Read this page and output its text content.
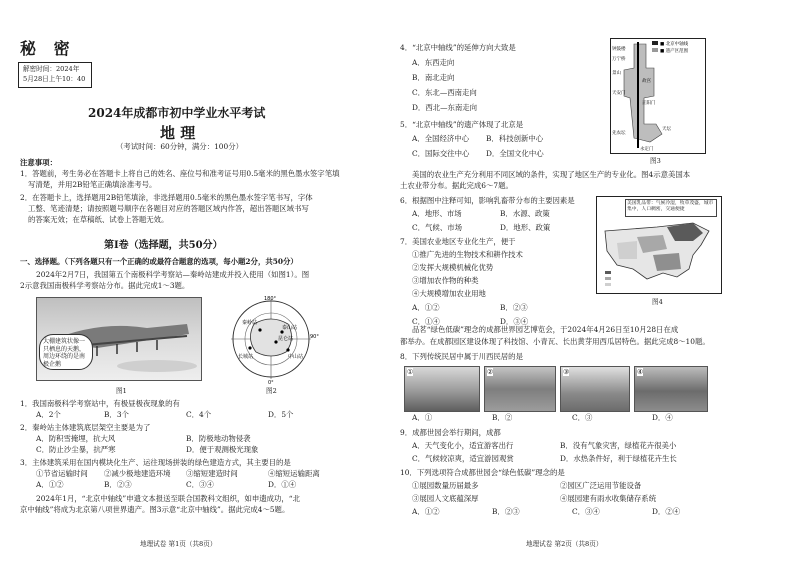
秘 密
解密时间：2024年
5月28日上午10：40
2024年成都市初中学业水平考试
地 理
（考试时间：60分钟，满分：100分）
注意事项：
1．答题前，考生务必在答题卡上将自己的姓名、座位号和准考证号用0.5毫米的黑色墨水签字笔填
写清楚，并用2B铅笔正确填涂准考号。
2．在答题卡上，选择题用2B铅笔填涂，非选择题用0.5毫米的黑色墨水签字笔书写，字体
工整、笔迹清楚；请按照题号顺序在各题目对应的答题区域内作答，超出答题区域书写
的答案无效；在草稿纸、试卷上答题无效。
第Ⅰ卷（选择题，共50分）
一、选择题。（下列各题只有一个正确的或最符合题意的选项，每小题2分，共50分）
2024年2月7日，我国第五个南极科学考察站—秦岭站建成并投入使用（如图1）。图
2示意我国南极科学考察站分布。据此完成1～3题。
大棚建筑状像一只栖息的天鹅，周边环绕的是南极企鹅
图1
秦岭站
长城站	中山站
昆仑站
泰山站
180°
90°
0°
图2
1．我国南极科学考察站中，有极昼极夜现象的有
A．2个	B．3个	C．4个	D．5个
2．秦岭站主体建筑底层架空主要是为了
A．防积雪掩埋，抗大风	B．防极地动物侵袭
C．防止沙尘暴，抗严寒	D．便于观测极光现象
3．主体建筑采用在国内模块化生产、运往现场拼装的绿色建造方式，其主要目的是
①节省运输时间 ②减少极地建造环境 ③缩短建造时间	④缩短运输距离
A．①②	B．②③	C．③④	D．①④
2024年1月，“北京中轴线”申遗文本报送至联合国教科文组织，如申遗成功，“北
京中轴线”将成为北京第八项世界遗产。图3示意“北京中轴线”。据此完成4～5题。
地理试卷 第1页（共8页）
4．“北京中轴线”的延伸方向大致是
A．东西走向
B．南北走向
C．东北—西南走向
D．西北—东南走向
5．“北京中轴线”的遗产体现了北京是
A．全国经济中心 B．科技创新中心
C．国际交往中心 D．全国文化中心
■ 北京中轴线
■ 遗产区范围
钟鼓楼
万宁桥
景山
故宫
天安门
正阳门
天坛
先农坛
永定门
图3
美国的农业生产充分利用不同区域的条件，实现了地区生产的专业化。图4示意美国本
土农业带分布。据此完成6～7题。
6．根据图中注释可知，影响乳畜带分布的主要因素是
A．地形、市场	B．水源、政策
C．气候、市场	D．地形、政策
7．美国农业地区专业化生产，便于
①推广先进的生物技术和耕作技术
②发挥大规模机械化优势
③增加农作物的种类
④大规模增加农业用地
A．①②	B．②③
C．①④	D．③④
美国乳品带：气候冷湿，牧草茂盛，城市集中，人口稠密，交通便捷
图4
品茗“绿色低碳”理念的成都世界园艺博览会，于2024年4月26日至10月28日在成
都举办。在成都园区建设体现了科技馆、小青瓦、长出黄芽用西瓜居特色。据此完成8～10题。
8．下列传统民居中属于川西民居的是
①	②	③	④
A．①	B．②	C．③	D．④
9．成都世园会举行期间，成都
A．天气变化小，适宜游客出行	B．没有气象灾害，绿植花卉很美小
C．气候较凉爽，适宜游园观赏	D．水热条件好，利于绿植花卉生长
10．下列选项符合成都世园会“绿色低碳”理念的是
①展园数量历届最多	②园区广泛运用节能设备
③展园人文底蕴深厚	④展园建有雨水收集储存系统
A．①②	B．②③	C．③④	D．②④
地理试卷 第2页（共8页）
